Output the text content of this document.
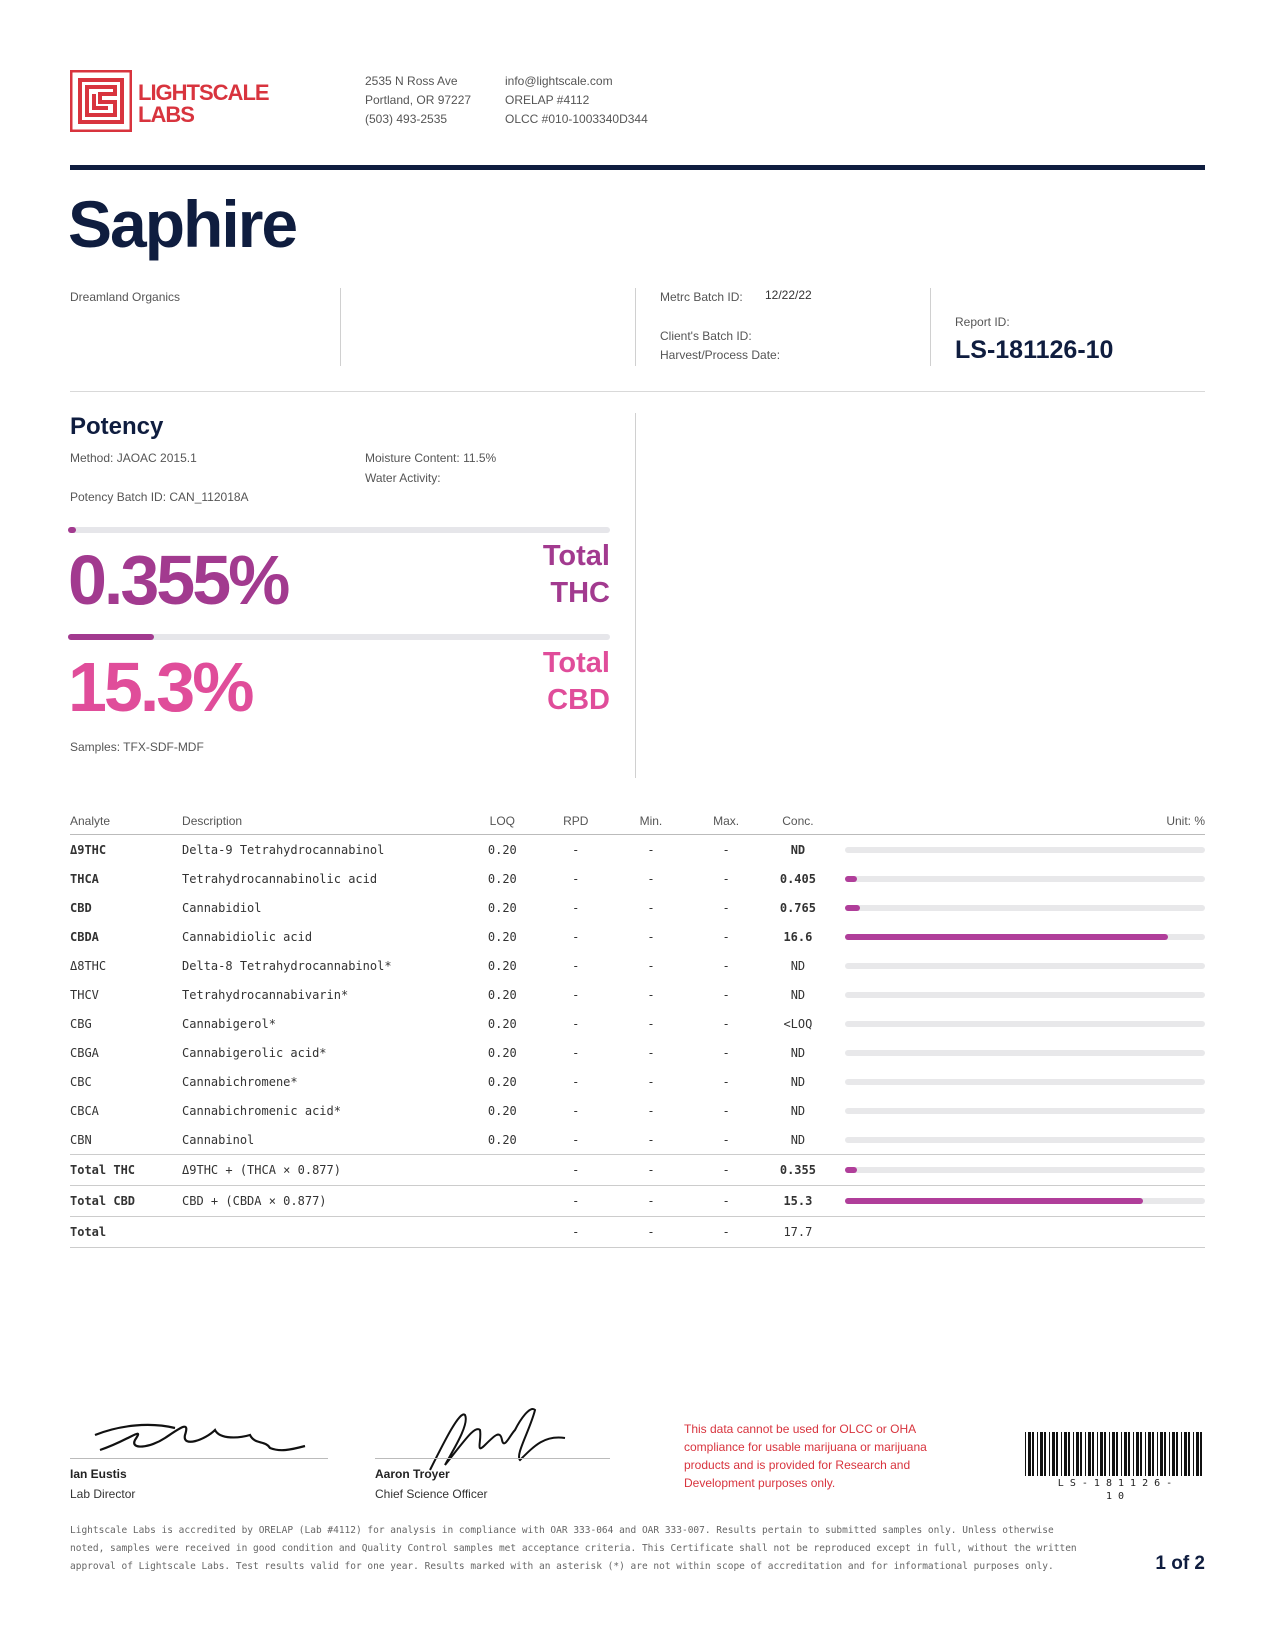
LIGHTSCALE
LABS
2535 N Ross Ave
Portland, OR 97227
(503) 493-2535
info@lightscale.com
ORELAP #4112
OLCC #010-1003340D344
Saphire
Dreamland Organics	Metrc Batch ID: 12/22/22
Client's Batch ID:
Harvest/Process Date:
Report ID:
LS-181126-10
Potency
Method: JAOAC 2015.1	Moisture Content: 11.5%
Water Activity:
Potency Batch ID: CAN_112018A
0.355%	Total
THC
15.3%	Total
CBD
Samples: TFX-SDF-MDF
Analyte	Description	LOQ	RPD	Min.	Max.	Conc.	Unit: %
Δ9THC	Delta-9 Tetrahydrocannabinol	0.20	-	-	-	ND	

THCA	Tetrahydrocannabinolic acid	0.20	-	-	-	0.405	

CBD	Cannabidiol	0.20	-	-	-	0.765	

CBDA	Cannabidiolic acid	0.20	-	-	-	16.6	

Δ8THC	Delta-8 Tetrahydrocannabinol*	0.20	-	-	-	ND	

THCV	Tetrahydrocannabivarin*	0.20	-	-	-	ND	

CBG	Cannabigerol*	0.20	-	-	-	<LOQ	

CBGA	Cannabigerolic acid*	0.20	-	-	-	ND	

CBC	Cannabichromene*	0.20	-	-	-	ND	

CBCA	Cannabichromenic acid*	0.20	-	-	-	ND	

CBN	Cannabinol	0.20	-	-	-	ND	

Total THC	Δ9THC + (THCA × 0.877)		-	-	-	0.355	

Total CBD	CBD + (CBDA × 0.877)		-	-	-	15.3	

Total			-	-	-	17.7	
Ian Eustis
Lab Director
Aaron Troyer
Chief Science Officer
This data cannot be used for OLCC or OHA compliance for usable marijuana or marijuana products and is provided for Research and Development purposes only.	L S - 1 8 1 1 2 6 -
1 0
Lightscale Labs is accredited by ORELAP (Lab #4112) for analysis in compliance with OAR 333-064 and OAR 333-007. Results pertain to submitted samples only. Unless otherwise
noted, samples were received in good condition and Quality Control samples met acceptance criteria. This Certificate shall not be reproduced except in full, without the written
approval of Lightscale Labs. Test results valid for one year. Results marked with an asterisk (*) are not within scope of accreditation and for informational purposes only.	1 of 2
